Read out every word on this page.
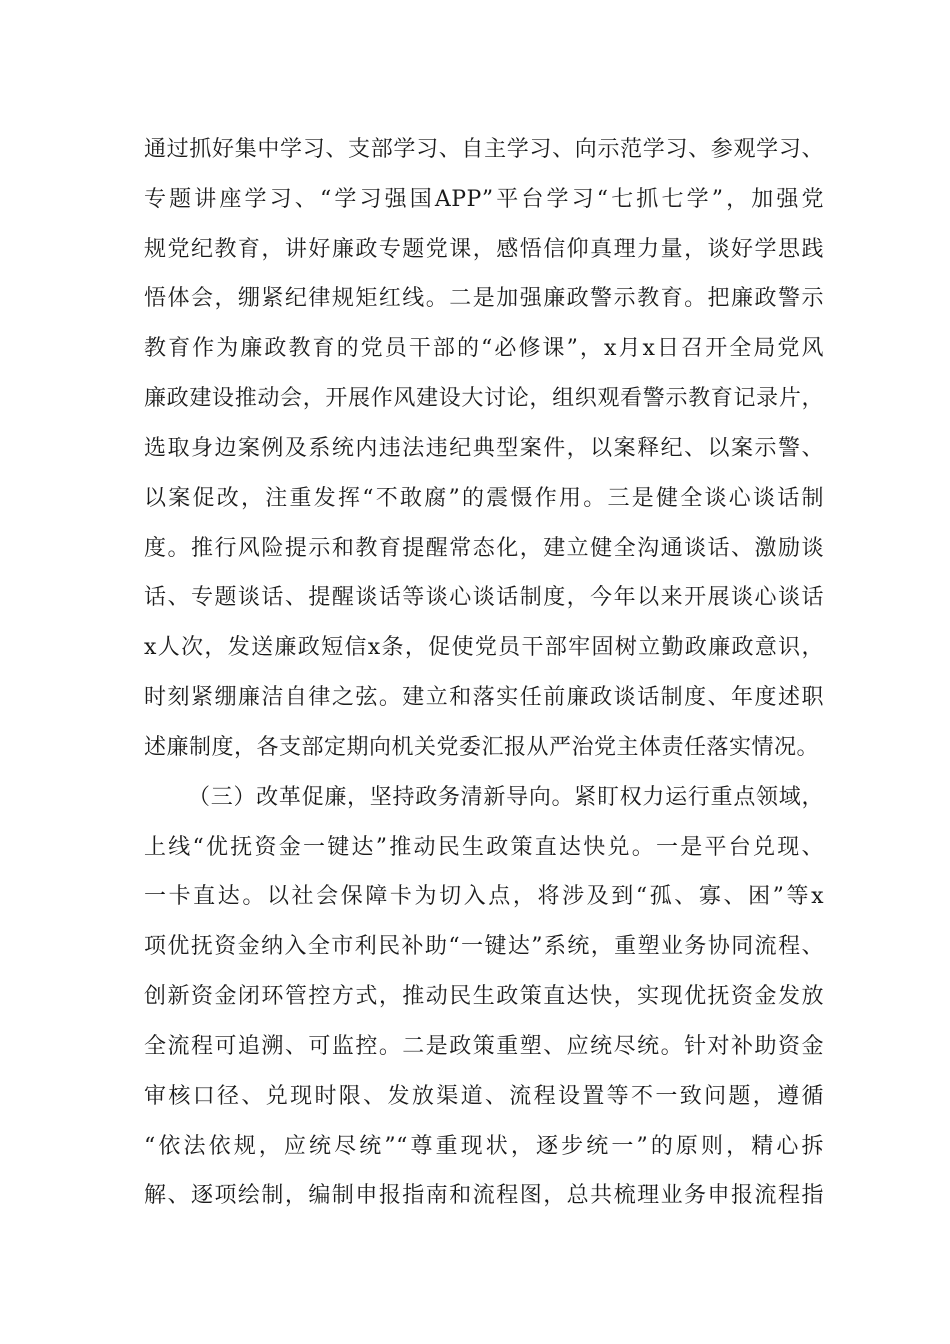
通过抓好集中学习、支部学习、自主学习、向示范学习、参观学习、
专题讲座学习、“学习强国APP”平台学习“七抓七学”，加强党
规党纪教育，讲好廉政专题党课，感悟信仰真理力量，谈好学思践
悟体会，绷紧纪律规矩红线。二是加强廉政警示教育。把廉政警示
教育作为廉政教育的党员干部的“必修课”，x月x日召开全局党风
廉政建设推动会，开展作风建设大讨论，组织观看警示教育记录片，
选取身边案例及系统内违法违纪典型案件，以案释纪、以案示警、
以案促改，注重发挥“不敢腐”的震慑作用。三是健全谈心谈话制
度。推行风险提示和教育提醒常态化，建立健全沟通谈话、激励谈
话、专题谈话、提醒谈话等谈心谈话制度，今年以来开展谈心谈话
x人次，发送廉政短信x条，促使党员干部牢固树立勤政廉政意识，
时刻紧绷廉洁自律之弦。建立和落实任前廉政谈话制度、年度述职
述廉制度，各支部定期向机关党委汇报从严治党主体责任落实情况。
（三）改革促廉，坚持政务清新导向。紧盯权力运行重点领域，
上线“优抚资金一键达”推动民生政策直达快兑。一是平台兑现、
一卡直达。以社会保障卡为切入点，将涉及到“孤、寡、困”等x
项优抚资金纳入全市利民补助“一键达”系统，重塑业务协同流程、
创新资金闭环管控方式，推动民生政策直达快，实现优抚资金发放
全流程可追溯、可监控。二是政策重塑、应统尽统。针对补助资金
审核口径、兑现时限、发放渠道、流程设置等不一致问题，遵循
“依法依规，应统尽统”“尊重现状，逐步统一”的原则，精心拆
解、逐项绘制，编制申报指南和流程图，总共梳理业务申报流程指
